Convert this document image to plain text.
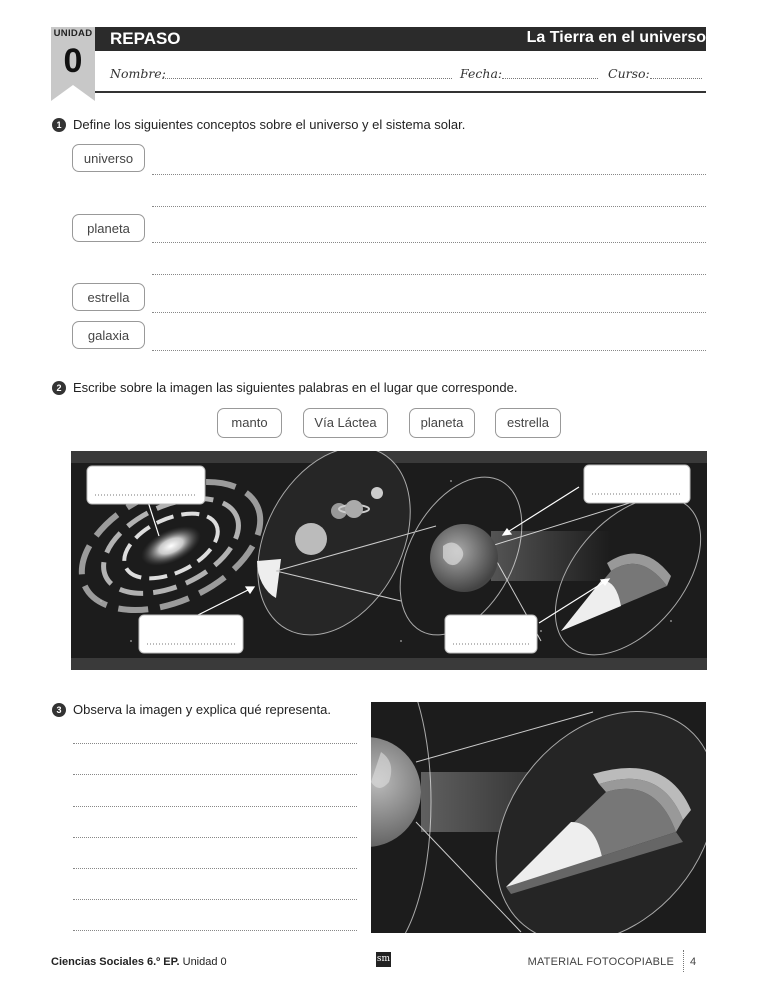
UNIDAD
0
REPASO	La Tierra en el universo
Nombre:	Fecha:	Curso:
1 Define los siguientes conceptos sobre el universo y el sistema solar.
universo
planeta
estrella
galaxia
2 Escribe sobre la imagen las siguientes palabras en el lugar que corresponde.
manto	Vía Láctea	planeta	estrella
3 Observa la imagen y explica qué representa.
Ciencias Sociales 6.º EP. Unidad 0	sm	MATERIAL FOTOCOPIABLE 4
